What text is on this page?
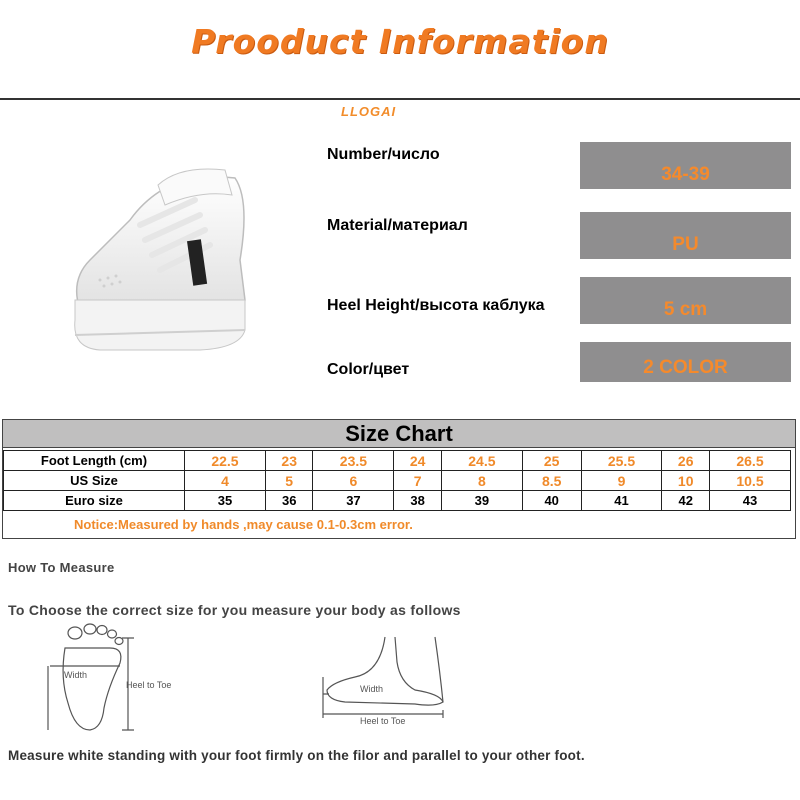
Prooduct Information
LLOGAI
Number/число
34-39
Material/материал
PU
Heel Height/высота каблука	5 cm
Color/цвет	2 COLOR
Size Chart
Foot Length (cm)	22.5	23	23.5	24	24.5	25	25.5	26	26.5
US Size	4	5	6	7	8	8.5	9	10	10.5
Euro size	35	36	37	38	39	40	41	42	43
Notice:Measured by hands ,may cause 0.1-0.3cm error.
How To Measure
To Choose the correct size for you measure your body as follows
Width
Heel to Toe	Width
Heel to Toe
Measure white standing with your foot firmly on the filor and parallel to your other foot.
